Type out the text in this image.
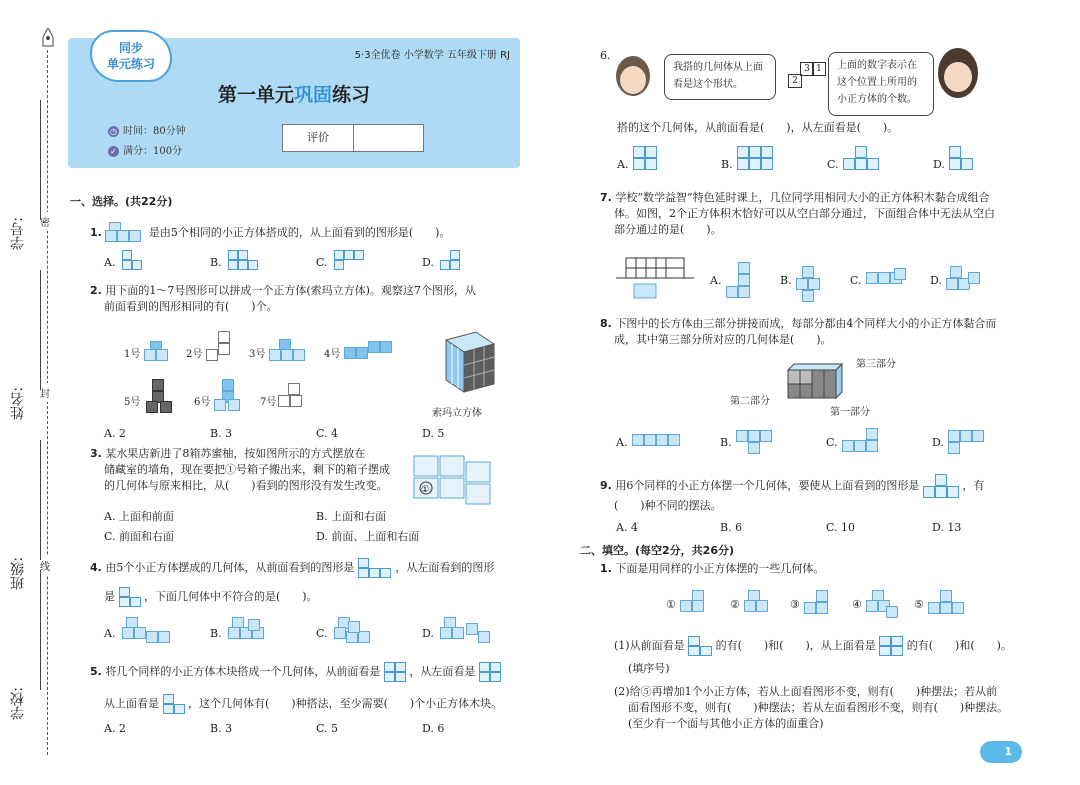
密
封
线
学号:
姓名:
班级:
学校:
同步
单元练习
5·3全优卷 小学数学 五年级下册 RJ
第一单元巩固练习
◷ 时间：80分钟
✓ 满分：100分
评价
一、选择。(共22分)
1.	是由5个相同的小正方体搭成的，从上面看到的图形是(　　)。
A.	B.	C.	D.
2. 用下面的1～7号图形可以拼成一个正方体(索玛立方体)。观察这7个图形，从
前面看到的图形相同的有(　　)个。
1号	2号	3号	4号
5号	6号	7号
索玛立方体
A. 2	B. 3	C. 4	D. 5
3. 某水果店新进了8箱苏蜜柚，按如图所示的方式摆放在
储藏室的墙角，现在要把①号箱子搬出来，剩下的箱子摆成
的几何体与原来相比，从(　　)看到的图形没有发生改变。	①
A. 上面和前面	B. 上面和右面
C. 前面和右面	D. 前面、上面和右面
4. 由5个小正方体摆成的几何体，从前面看到的图形是	，从左面看到的图形
是	，下面几何体中不符合的是(　　)。
A.	B.	C.	D.
5. 将几个同样的小正方体木块搭成一个几何体，从前面看是	，从左面看是
从上面看是	，这个几何体有(　　)种搭法，至少需要(　　)个小正方体木块。
A. 2	B. 3	C. 5	D. 6
6.
我搭的几何体从上面看是这个形状。
3 1
2
上面的数字表示在这个位置上所用的小正方体的个数。
搭的这个几何体，从前面看是(　　)，从左面看是(　　)。
A.	B.	C.	D.
7. 学校“数学益智”特色延时课上，几位同学用相同大小的正方体积木黏合成组合
体。如图，2个正方体积木恰好可以从空白部分通过，下面组合体中无法从空白
部分通过的是(　　)。
A.	B.	C.	D.
8. 下图中的长方体由三部分拼接而成，每部分都由4个同样大小的小正方体黏合而
成，其中第三部分所对应的几何体是(　　)。
第三部分
第二部分
第一部分
A.	B.	C.	D.
9. 用6个同样的小正方体摆一个几何体，要使从上面看到的图形是	，有
(　　)种不同的摆法。
A. 4	B. 6	C. 10	D. 13
二、填空。(每空2分，共26分)
1. 下面是用同样的小正方体摆的一些几何体。
①	②	③	④	⑤
(1)从前面看是	的有(　　)和(　　)，从上面看是	的有(　　)和(　　)。
(填序号)
(2)给⑤再增加1个小正方体，若从上面看图形不变，则有(　　)种摆法；若从前
面看图形不变，则有(　　)种摆法；若从左面看图形不变，则有(　　)种摆法。
(至少有一个面与其他小正方体的面重合)
1
